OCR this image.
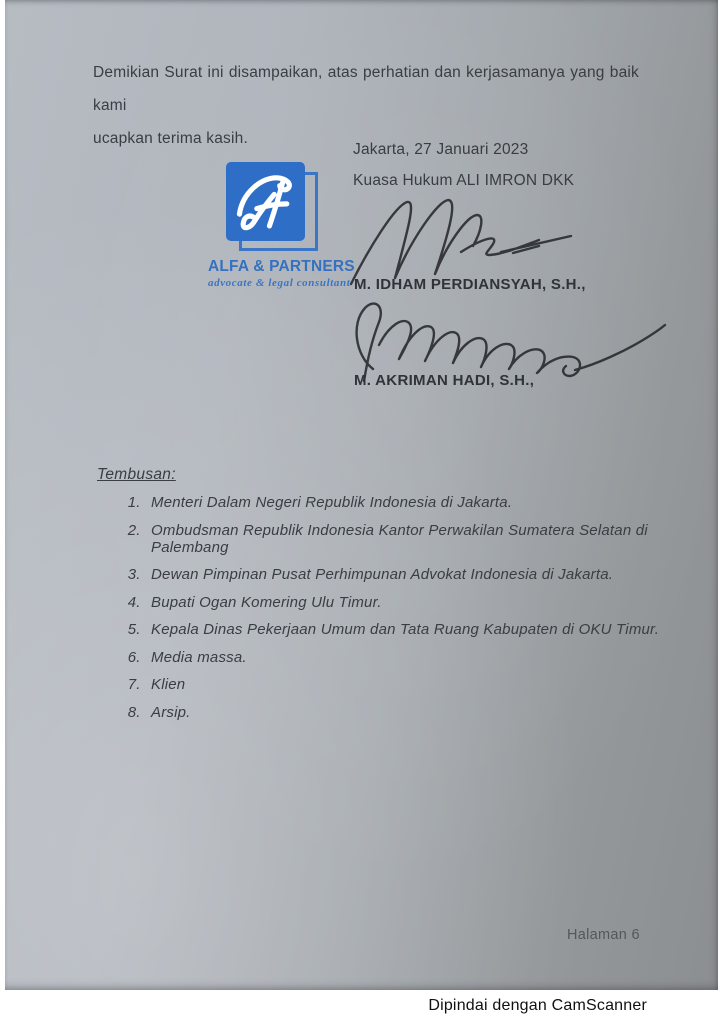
Demikian Surat ini disampaikan, atas perhatian dan kerjasamanya yang baik kami
ucapkan terima kasih.
Jakarta, 27 Januari 2023
Kuasa Hukum ALI IMRON DKK
ALFA & PARTNERS
advocate & legal consultant M. IDHAM PERDIANSYAH, S.H.,
M. AKRIMAN HADI, S.H.,
Tembusan:
1. Menteri Dalam Negeri Republik Indonesia di Jakarta.
2. Ombudsman Republik Indonesia Kantor Perwakilan Sumatera Selatan di Palembang
3. Dewan Pimpinan Pusat Perhimpunan Advokat Indonesia di Jakarta.
4. Bupati Ogan Komering Ulu Timur.
5. Kepala Dinas Pekerjaan Umum dan Tata Ruang Kabupaten di OKU Timur.
6. Media massa.
7. Klien
8. Arsip.
Halaman 6
Dipindai dengan CamScanner
